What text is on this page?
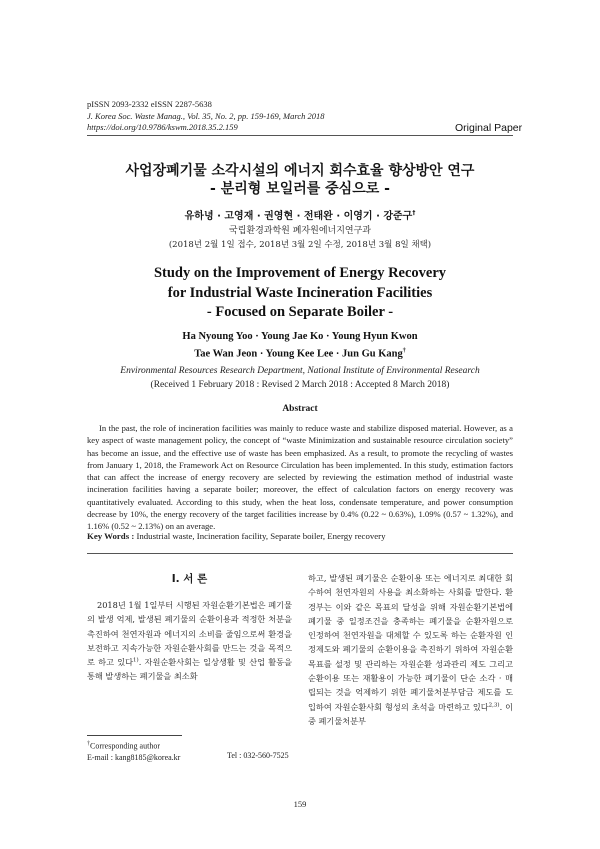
pISSN 2093-2332 eISSN 2287-5638
J. Korea Soc. Waste Manag., Vol. 35, No. 2, pp. 159-169, March 2018
https://doi.org/10.9786/kswm.2018.35.2.159	Original Paper
사업장폐기물 소각시설의 에너지 회수효율 향상방안 연구
- 분리형 보일러를 중심으로 -
유하녕 · 고영재 · 권영현 · 전태완 · 이영기 · 강준구†
국립환경과학원 폐자원에너지연구과
(2018년 2월 1일 접수, 2018년 3월 2일 수정, 2018년 3월 8일 채택)
Study on the Improvement of Energy Recovery
for Industrial Waste Incineration Facilities
- Focused on Separate Boiler -
Ha Nyoung Yoo · Young Jae Ko · Young Hyun Kwon
Tae Wan Jeon · Young Kee Lee · Jun Gu Kang†
Environmental Resources Research Department, National Institute of Environmental Research
(Received 1 February 2018 : Revised 2 March 2018 : Accepted 8 March 2018)
Abstract

In the past, the role of incineration facilities was mainly to reduce waste and stabilize disposed material. However, as a key aspect of waste management policy, the concept of “waste Minimization and sustainable resource circulation society” has become an issue, and the effective use of waste has been emphasized. As a result, to promote the recycling of wastes from January 1, 2018, the Framework Act on Resource Circulation has been implemented. In this study, estimation factors that can affect the increase of energy recovery are selected by reviewing the estimation method of industrial waste incineration facilities having a separate boiler; moreover, the effect of calculation factors on energy recovery was quantitatively evaluated. According to this study, when the heat loss, condensate temperature, and power consumption decrease by 10%, the energy recovery of the target facilities increase by 0.4% (0.22 ~ 0.63%), 1.09% (0.57 ~ 1.32%), and 1.16% (0.52 ~ 2.13%) on an average.

Key Words : Industrial waste, Incineration facility, Separate boiler, Energy recovery
I. 서 론

2018년 1월 1일부터 시행된 자원순환기본법은 폐기물의 발생 억제, 발생된 폐기물의 순환이용과 적정한 처분을 촉진하여 천연자원과 에너지의 소비를 줄임으로써 환경을 보전하고 지속가능한 자원순환사회를 만드는 것을 목적으로 하고 있다$^{1)}$. 자원순환사회는 일상생활 및 산업 활동을 통해 발생하는 폐기물을 최소화

하고, 발생된 폐기물은 순환이용 또는 에너지로 최대한 회수하여 천연자원의 사용을 최소화하는 사회를 말한다. 환경부는 이와 같은 목표의 달성을 위해 자원순환기본법에 폐기물 중 일정조건을 충족하는 폐기물을 순환자원으로 인정하여 천연자원을 대체할 수 있도록 하는 순환자원 인정제도와 폐기물의 순환이용을 촉진하기 위하여 자원순환 목표를 설정 및 관리하는 자원순환 성과관리 제도 그리고 순환이용 또는 재활용이 가능한 폐기물이 단순 소각 · 매립되는 것을 억제하기 위한 폐기물처분부담금 제도를 도입하여 자원순환사회 형성의 초석을 마련하고 있다$^{2,3)}$. 이 중 폐기물처분부

†Corresponding author
E-mail : kang8185@korea.kr	Tel : 032-560-7525
159
